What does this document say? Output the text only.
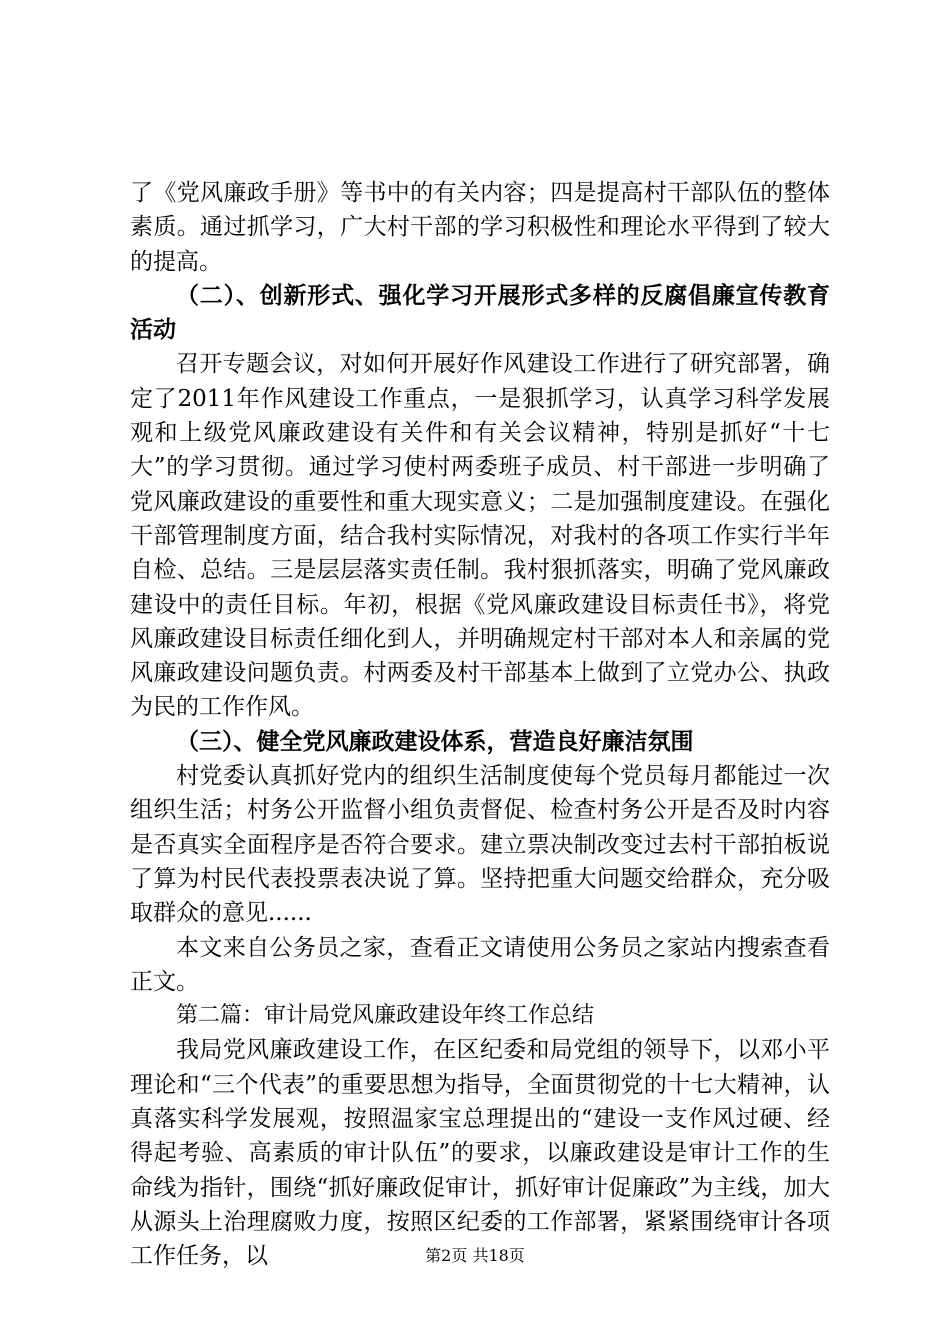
了《党风廉政手册》等书中的有关内容；四是提高村干部队伍的整体素质。通过抓学习，广大村干部的学习积极性和理论水平得到了较大的提高。

（二）、创新形式、强化学习开展形式多样的反腐倡廉宣传教育活动

召开专题会议，对如何开展好作风建设工作进行了研究部署，确定了2011年作风建设工作重点，一是狠抓学习，认真学习科学发展观和上级党风廉政建设有关件和有关会议精神，特别是抓好“十七大”的学习贯彻。通过学习使村两委班子成员、村干部进一步明确了党风廉政建设的重要性和重大现实意义；二是加强制度建设。在强化干部管理制度方面，结合我村实际情况，对我村的各项工作实行半年自检、总结。三是层层落实责任制。我村狠抓落实，明确了党风廉政建设中的责任目标。年初，根据《党风廉政建设目标责任书》，将党风廉政建设目标责任细化到人，并明确规定村干部对本人和亲属的党风廉政建设问题负责。村两委及村干部基本上做到了立党办公、执政为民的工作作风。

（三）、健全党风廉政建设体系，营造良好廉洁氛围

村党委认真抓好党内的组织生活制度使每个党员每月都能过一次组织生活；村务公开监督小组负责督促、检查村务公开是否及时内容是否真实全面程序是否符合要求。建立票决制改变过去村干部拍板说了算为村民代表投票表决说了算。坚持把重大问题交给群众，充分吸取群众的意见......

本文来自公务员之家，查看正文请使用公务员之家站内搜索查看正文。

第二篇：审计局党风廉政建设年终工作总结

我局党风廉政建设工作，在区纪委和局党组的领导下，以邓小平理论和“三个代表”的重要思想为指导，全面贯彻党的十七大精神，认真落实科学发展观，按照温家宝总理提出的“建设一支作风过硬、经得起考验、高素质的审计队伍”的要求，以廉政建设是审计工作的生命线为指针，围绕“抓好廉政促审计，抓好审计促廉政”为主线，加大从源头上治理腐败力度，按照区纪委的工作部署，紧紧围绕审计各项工作任务，以	第2页 共18页
